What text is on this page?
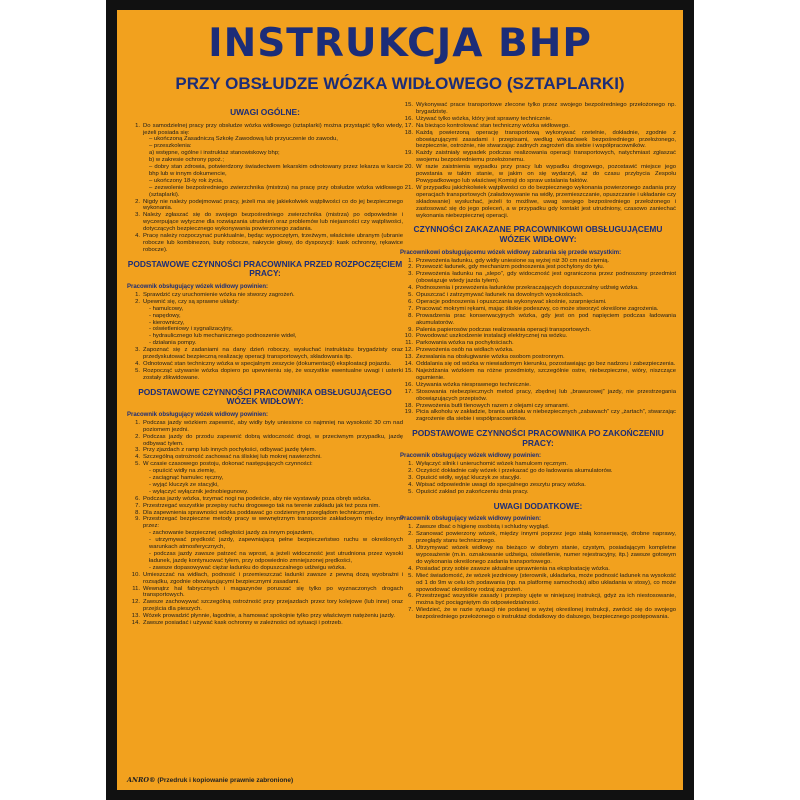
INSTRUKCJA BHP
PRZY OBSŁUDZE WÓZKA WIDŁOWEGO (SZTAPLARKI)
UWAGI OGÓLNE:
1. Do samodzielnej pracy przy obsłudze wózka widłowego (sztaplarki) można przystąpić tylko wtedy, jeżeli posiada się:
– ukończoną Zasadniczą Szkołę Zawodową lub przyuczenie do zawodu,
– przeszkolenia:
a) wstępne, ogólne i instruktaż stanowiskowy bhp;
b) w zakresie ochrony ppoż.;
– dobry stan zdrowia, potwierdzony świadectwem lekarskim odnotowany przez lekarza w karcie bhp lub w innym dokumencie,
– ukończony 18-ty rok życia,
– zezwolenie bezpośredniego zwierzchnika (mistrza) na pracę przy obsłudze wózka widłowego (sztaplarki).
2. Nigdy nie należy podejmować pracy, jeżeli ma się jakiekolwiek wątpliwości co do jej bezpiecznego wykonania.
3. Należy zgłaszać się do swojego bezpośredniego zwierzchnika (mistrza) po odpowiednie i wyczerpujące wytyczne dla rozwiązania utrudnień oraz problemów lub niejasności czy wątpliwości, dotyczących bezpiecznego wykonywania powierzonego zadania.
4. Pracę należy rozpoczynać punktualnie, będąc wypoczętym, trzeźwym, właściwie ubranym (ubranie robocze lub kombinezon, buty robocze, nakrycie głowy, do dyspozycji: kask ochronny, rękawice robocze).
PODSTAWOWE CZYNNOŚCI PRACOWNIKA PRZED ROZPOCZĘCIEM PRACY:
Pracownik obsługujący wózek widłowy powinien:
1. Sprawdzić czy uruchomienie wózka nie stworzy zagrożeń.
2. Upewnić się, czy są sprawne układy:
- hamulcowy,
- napędowy,
- kierowniczy,
- oświetleniowy i sygnalizacyjny,
- hydraulicznego lub mechanicznego podnoszenie wideł,
- działania pompy.
3. Zapoznać się z zadaniami na dany dzień roboczy, wysłuchać instruktażu brygadzisty oraz przedyskutować bezpieczną realizację operacji transportowych, składowania itp.
4. Odnotować stan techniczny wózka w specjalnym zeszycie (dokumentacji) eksploatacji pojazdu.
5. Rozpocząć używanie wózka dopiero po upewnieniu się, że wszystkie ewentualne uwagi i usterki zostały zlikwidowane.
PODSTAWOWE CZYNNOŚCI PRACOWNIKA OBSŁUGUJĄCEGO WÓZEK WIDŁOWY:
Pracownik obsługujący wózek widłowy powinien:
1. Podczas jazdy wózkiem zapewnić, aby widły były uniesione co najmniej na wysokość 30 cm nad poziomem jezdni.
2. Podczas jazdy do przodu zapewnić dobrą widoczność drogi, w przeciwnym przypadku, jazdę odbywać tyłem.
3. Przy zjazdach z ramp lub innych pochyłości, odbywać jazdę tyłem.
4. Szczególną ostrożność zachować na śliskiej lub mokrej nawierzchni.
5. W czasie czasowego postoju, dokonać następujących czynności:
- opuścić widły na ziemię,
- zaciągnąć hamulec ręczny,
- wyjąć kluczyk ze stacyjki,
- wyłączyć wyłącznik jednobiegunowy.
6. Podczas jazdy wózka, trzymać nogi na podeście, aby nie wystawały poza obręb wózka.
7. Przestrzegać wszystkie przepisy ruchu drogowego tak na terenie zakładu jak też poza nim.
8. Dla zapewnienia sprawności wózka poddawać go codziennym przeglądom technicznym.
9. Przestrzegać bezpieczne metody pracy w wewnętrznym transporcie zakładowym między innymi przez:
- zachowanie bezpiecznej odległości jazdy za innym pojazdem,
- utrzymywać prędkość jazdy, zapewniającą pełne bezpieczeństwo ruchu w określonych warunkach atmosferycznych,
- podczas jazdy zawsze patrzeć na wprost, a jeżeli widoczność jest utrudniona przez wysoki ładunek, jazdę kontynuować tyłem, przy odpowiednio zmniejszonej prędkości,
- zawsze dopasowywać ciężar ładunku do dopuszczalnego udźwigu wózka.
10. Umieszczać na widłach, podnosić i przemieszczać ładunki zawsze z pewną dozą wyobraźni i rozsądku, zgodnie obowiązującymi bezpiecznymi zasadami.
11. Wewnątrz hal fabrycznych i magazynów poruszać się tylko po wyznaczonych drogach transportowych.
12. Zawsze zachowywać szczególną ostrożność przy przejazdach przez tory kolejowe (lub inne) oraz przejścia dla pieszych.
13. Wózek prowadzić płynnie, łagodnie, a hamować spokojnie tylko przy właściwym natężeniu jazdy.
14. Zawsze posiadać i używać kask ochronny w zależności od sytuacji i potrzeb.
15. Wykonywać prace transportowe zlecone tylko przez swojego bezpośredniego przełożonego np. brygadzistę.
16. Używać tylko wózka, który jest sprawny technicznie.
17. Na bieżąco kontrolować stan techniczny wózka widłowego.
18. Każdą powierzoną operację transportową wykonywać rzetelnie, dokładnie, zgodnie z obowiązującymi zasadami i przepisami, według wskazówek bezpośredniego przełożonego, bezpiecznie, ostrożnie, nie stwarzając żadnych zagrożeń dla siebie i współpracowników.
19. Każdy zaistniały wypadek podczas realizowania operacji transportowych, natychmiast zgłaszać swojemu bezpośredniemu przełożonemu.
20. W razie zaistnienia wypadku przy pracy lub wypadku drogowego, pozostawić miejsce jego powstania w takim stanie, w jakim on się wydarzył, aż do czasu przybycia Zespołu Powypadkowego lub właściwej Komisji do spraw ustalania faktów.
21. W przypadku jakichkolwiek wątpliwości co do bezpiecznego wykonania powierzonego zadania przy operacjach transportowych (załadowywanie na widły, przemieszczanie, opuszczanie i układanie czy składowanie) wysłuchać, jeżeli to możliwe, uwag swojego bezpośredniego przełożonego i zastosować się do jego poleceń, a w przypadku gdy kontakt jest utrudniony, czasowo zaniechać wykonania niebezpiecznej operacji.
CZYNNOŚCI ZAKAZANE PRACOWNIKOWI OBSŁUGUJĄCEMU WÓZEK WIDŁOWY:
Pracownikowi obsługującemu wózek widłowy zabrania się przede wszystkim:
1. Przewożenia ładunku, gdy widły uniesione są wyżej niż 30 cm nad ziemią.
2. Przewozić ładunek, gdy mechanizm podnoszenia jest pochylony do tyłu.
3. Przewożenia ładunku na „slepo”, gdy widoczność jest ograniczona przez podnoszony przedmiot (obowiązuje wtedy jazda tyłem).
4. Podnoszenia i przewożenia ładunków przekraczających dopuszczalny udźwig wózka.
5. Opuszczać i zatrzymywać ładunek na dowolnych wysokościach.
6. Operacje podnoszenia i opuszczania wykonywać skośnie, szarpnięciami.
7. Pracować mokrymi rękami, mając śliskie podeszwy, co może stworzyć określone zagrożenia.
8. Prowadzenia prac konserwacyjnych wózka, gdy jest on pod napięciem podczas ładowania akumulatorów.
9. Palenia papierosów podczas realizowania operacji transportowych.
10. Powodować uszkodzenie instalacji elektrycznej na wózku.
11. Parkowania wózka na pochyłościach.
12. Przewożenia osób na widłach wózka.
13. Zezwalania na obsługiwanie wózka osobom postronnym.
14. Oddalania się od wózka w niewiadomym kierunku, pozostawiając go bez nadzoru i zabezpieczenia.
15. Najeżdżania wózkiem na różne przedmioty, szczególnie ostre, niebezpieczne, wióry, niszczące ogumienie.
16. Używania wózka niesprawnego technicznie.
17. Stosowania niebezpiecznych metod pracy, zbędnej lub „brawurowej” jazdy, nie przestrzegania obowiązujących przepisów.
18. Przewożenia butli tlenowych razem z olejami czy smarami.
19. Picia alkoholu w zakładzie, brania udziału w niebezpiecznych „zabawach” czy „żartach”, stwarzając zagrożenie dla siebie i współpracowników.
PODSTAWOWE CZYNNOŚCI PRACOWNIKA PO ZAKOŃCZENIU PRACY:
Pracownik obsługujący wózek widłowy powinien:
1. Wyłączyć silnik i unieruchomić wózek hamulcem ręcznym.
2. Oczyścić dokładnie cały wózek i przekazać go do ładowania akumulatorów.
3. Opuścić widły, wyjąć kluczyk ze stacyjki.
4. Wpisać odpowiednie uwagi do specjalnego zeszytu pracy wózka.
5. Opuścić zakład po zakończeniu dnia pracy.
UWAGI DODATKOWE:
Pracownik obsługujący wózek widłowy powinien:
1. Zawsze dbać o higienę osobistą i schludny wygląd.
2. Szanować powierzony wózek, między innymi poprzez jego stałą konserwację, drobne naprawy, przeglądy stanu technicznego.
3. Utrzymywać wózek widłowy na bieżąco w dobrym stanie, czystym, posiadającym kompletne wyposażenie (m.in. oznakowanie udźwigu, oświetlenie, numer rejestracyjny, itp.) zawsze gotowym do wykonania określonego zadania transportowego.
4. Posiadać przy sobie zawsze aktualne uprawnienia na eksploatację wózka.
5. Mieć świadomość, że wózek jezdniowy (sterownik, układarka, może podnosić ładunek na wysokość od 1 do 9m w celu ich podawania (np. na platformę samochodu) albo układania w stosy), co może spowodować określony rodzaj zagrożeń.
6. Przestrzegać wszystkie zasady i przepisy ujęte w niniejszej instrukcji, gdyż za ich niestosowanie, można być pociągniętym do odpowiedzialności.
7. Wiedzieć, że w razie sytuacji nie podanej w wyżej określonej instrukcji, zwrócić się do swojego bezpośredniego przełożonego o instruktaż dodatkowy do dalszego, bezpiecznego postępowania.
ANRO® (Przedruk i kopiowanie prawnie zabronione)
